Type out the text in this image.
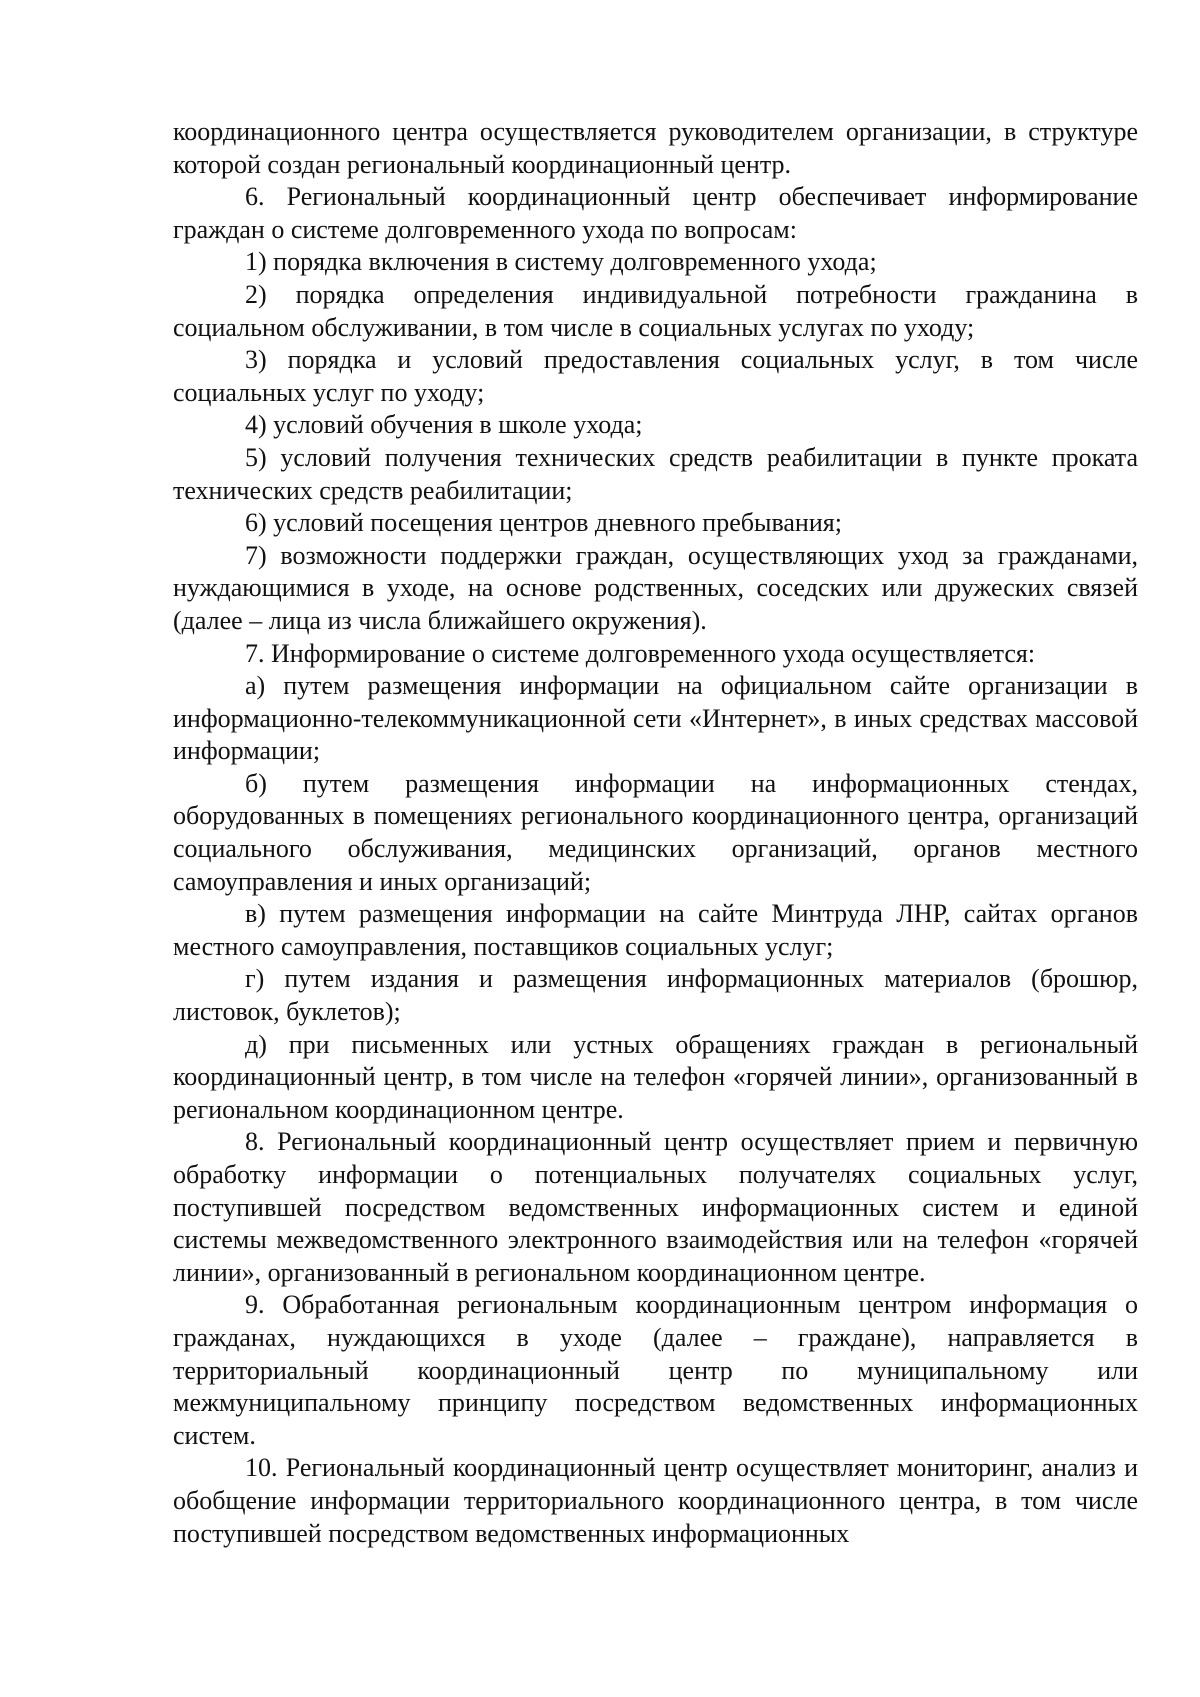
координационного центра осуществляется руководителем организации, в структуре которой создан региональный координационный центр.

6. Региональный координационный центр обеспечивает информирование граждан о системе долговременного ухода по вопросам:

1) порядка включения в систему долговременного ухода;

2) порядка определения индивидуальной потребности гражданина в социальном обслуживании, в том числе в социальных услугах по уходу;

3) порядка и условий предоставления социальных услуг, в том числе социальных услуг по уходу;

4) условий обучения в школе ухода;

5) условий получения технических средств реабилитации в пункте проката технических средств реабилитации;

6) условий посещения центров дневного пребывания;

7) возможности поддержки граждан, осуществляющих уход за гражданами, нуждающимися в уходе, на основе родственных, соседских или дружеских связей (далее – лица из числа ближайшего окружения).

7. Информирование о системе долговременного ухода осуществляется:

а) путем размещения информации на официальном сайте организации в информационно-телекоммуникационной сети «Интернет», в иных средствах массовой информации;

б) путем размещения информации на информационных стендах, оборудованных в помещениях регионального координационного центра, организаций социального обслуживания, медицинских организаций, органов местного самоуправления и иных организаций;

в) путем размещения информации на сайте Минтруда ЛНР, сайтах органов местного самоуправления, поставщиков социальных услуг;

г) путем издания и размещения информационных материалов (брошюр, листовок, буклетов);

д) при письменных или устных обращениях граждан в региональный координационный центр, в том числе на телефон «горячей линии», организованный в региональном координационном центре.

8. Региональный координационный центр осуществляет прием и первичную обработку информации о потенциальных получателях социальных услуг, поступившей посредством ведомственных информационных систем и единой системы межведомственного электронного взаимодействия или на телефон «горячей линии», организованный в региональном координационном центре.

9. Обработанная региональным координационным центром информация о гражданах, нуждающихся в уходе (далее – граждане), направляется в территориальный координационный центр по муниципальному или межмуниципальному принципу посредством ведомственных информационных систем.

10. Региональный координационный центр осуществляет мониторинг, анализ и обобщение информации территориального координационного центра, в том числе поступившей посредством ведомственных информационных
